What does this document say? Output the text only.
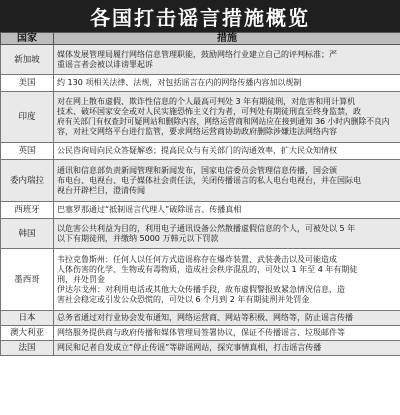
各国打击谣言措施概览
国家	措施
新加坡	媒体发展管理局履行网络信息管理职能，鼓励网络行业建立自己的评判标准；严
重谣言者会被以诽谤罪起诉

美国	约 130 项相关法律、法规，对包括谣言在内的网络传播内容加以规制

印度	对在网上散布虚假、欺诈性信息的个人最高可判处 3 年有期徒刑，对危害和用计算机
技术、破坏国家安全或对人民实施恐怖主义行为者，可判处有期徒刑直至终身监禁，政
府有关部门有权查封可疑网站和删除内容，网络运营商和网站应在接到通知 36 小时内删除不良内
容，对社交网络平台进行监管，要求网络运营商协助政府删除涉嫌违法网络内容

英国	公民咨询局向民众答疑解惑；提高民众与有关部门的沟通效率，扩大民众知情权

委内瑞拉	通讯和信息部负责新闻管理和新闻发布，国家电信委员会管理信息传播，国会颁
布电台、电视台、电子媒体社会责任法，关闭传播谣言的私人电台电视台，并在国际电
视台开辟栏目，澄清传闻

西班牙	巴塞罗那通过“抵制谣言代理人”破除谣言、传播真相

韩国	以危害公共利益为目的，利用电子通讯设备公然散播虚假信息的个人，可被处以 5 年
以下有期徒刑，并缴纳 5000 万韩元以下罚款

墨西哥	韦拉克鲁斯州：任何人以任何方式造谣称存在爆炸装置、武装袭击以及可能造成
人体伤害的化学、生物或有毒物质，造成社会秩序混乱的，可处以 1 年至 4 年有期徒
刑，并处罚金
伊达尔戈州：对利用电话或其他大众传播手段，故布虚假警报致紧急情况信息，造
害社会稳定或引发公众恐慌的，可处以 6 个月到 2 年有期徒刑并处罚金

日本	总务省通过对行业协会发布通知，网络运营商、网站等积极、网络等，防止谣言传播

澳大利亚	网络服务提供商与政府传播和媒体管理局签署协议，保证不传播谣言、垃圾邮件等

法国	网民和记者自发成立“停止传谣”等辟谣网站，探究事情真相，打击谣言传播
